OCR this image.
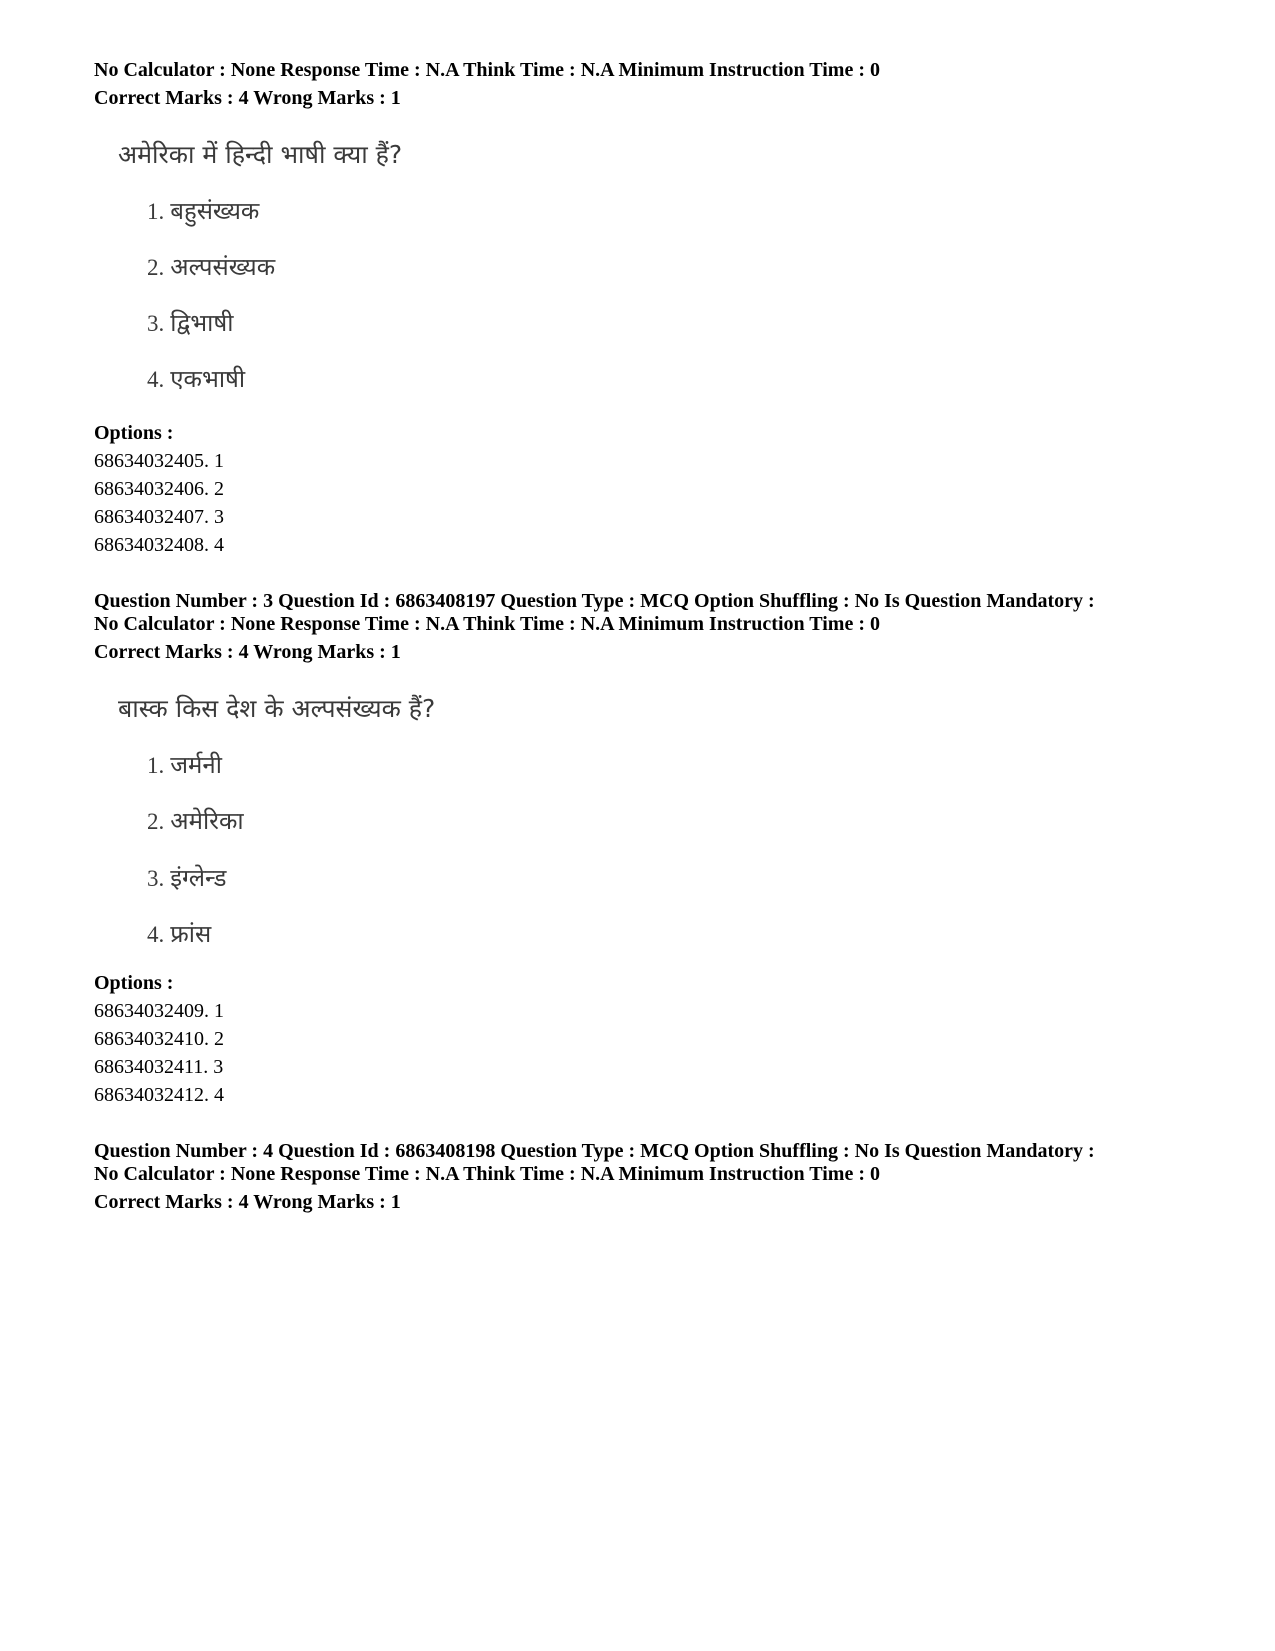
No Calculator : None Response Time : N.A Think Time : N.A Minimum Instruction Time : 0
Correct Marks : 4 Wrong Marks : 1
अमेरिका में हिन्दी भाषी क्या हैं?
1. बहुसंख्यक
2. अल्पसंख्यक
3. द्विभाषी
4. एकभाषी
Options :
68634032405. 1
68634032406. 2
68634032407. 3
68634032408. 4
Question Number : 3 Question Id : 6863408197 Question Type : MCQ Option Shuffling : No Is Question Mandatory :
No Calculator : None Response Time : N.A Think Time : N.A Minimum Instruction Time : 0
Correct Marks : 4 Wrong Marks : 1
बास्क किस देश के अल्पसंख्यक हैं?
1. जर्मनी
2. अमेरिका
3. इंग्लेन्ड
4. फ्रांस
Options :
68634032409. 1
68634032410. 2
68634032411. 3
68634032412. 4
Question Number : 4 Question Id : 6863408198 Question Type : MCQ Option Shuffling : No Is Question Mandatory :
No Calculator : None Response Time : N.A Think Time : N.A Minimum Instruction Time : 0
Correct Marks : 4 Wrong Marks : 1
